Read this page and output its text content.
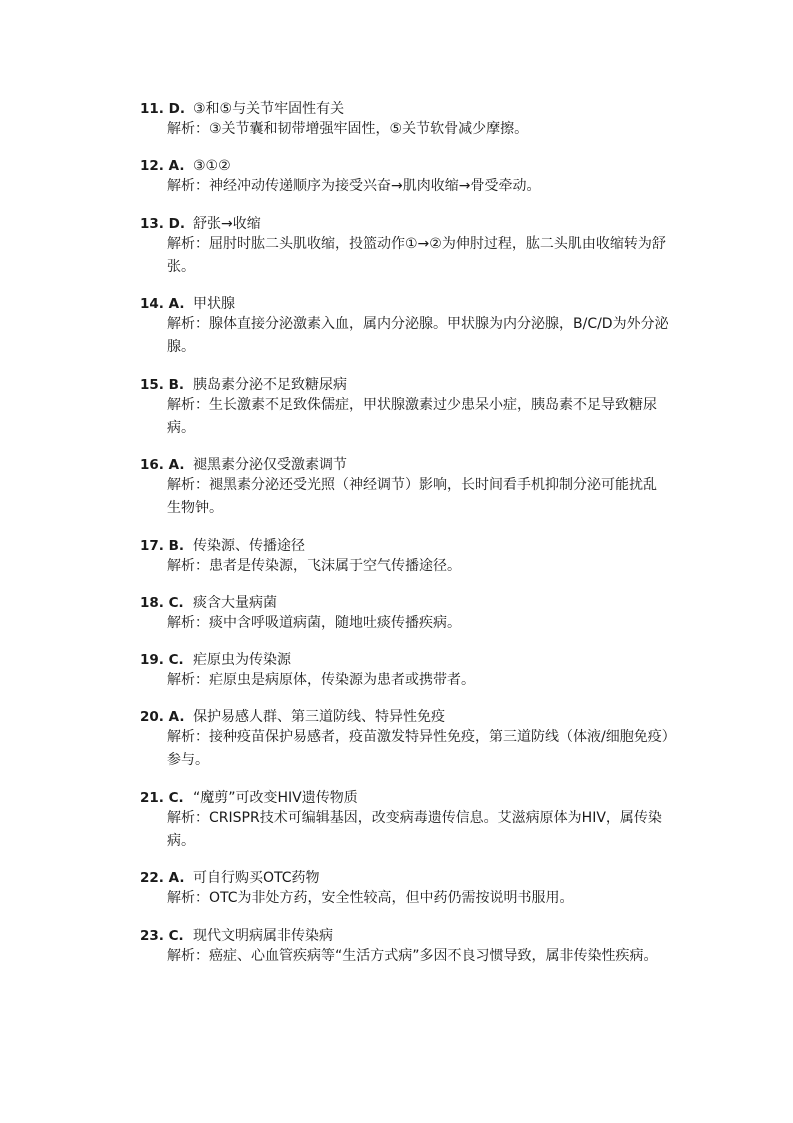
11. D. ③和⑤与关节牢固性有关
解析：③关节囊和韧带增强牢固性，⑤关节软骨减少摩擦。
12. A. ③①②
解析：神经冲动传递顺序为接受兴奋→肌肉收缩→骨受牵动。
13. D. 舒张→收缩
解析：屈肘时肱二头肌收缩，投篮动作①→②为伸肘过程，肱二头肌由收缩转为舒张。
14. A. 甲状腺
解析：腺体直接分泌激素入血，属内分泌腺。甲状腺为内分泌腺，B/C/D为外分泌腺。
15. B. 胰岛素分泌不足致糖尿病
解析：生长激素不足致侏儒症，甲状腺激素过少患呆小症，胰岛素不足导致糖尿病。
16. A. 褪黑素分泌仅受激素调节
解析：褪黑素分泌还受光照（神经调节）影响，长时间看手机抑制分泌可能扰乱生物钟。
17. B. 传染源、传播途径
解析：患者是传染源，飞沫属于空气传播途径。
18. C. 痰含大量病菌
解析：痰中含呼吸道病菌，随地吐痰传播疾病。
19. C. 疟原虫为传染源
解析：疟原虫是病原体，传染源为患者或携带者。
20. A. 保护易感人群、第三道防线、特异性免疫
解析：接种疫苗保护易感者，疫苗激发特异性免疫，第三道防线（体液/细胞免疫）参与。
21. C. “魔剪”可改变HIV遗传物质
解析：CRISPR技术可编辑基因，改变病毒遗传信息。艾滋病原体为HIV，属传染病。
22. A. 可自行购买OTC药物
解析：OTC为非处方药，安全性较高，但中药仍需按说明书服用。
23. C. 现代文明病属非传染病
解析：癌症、心血管疾病等“生活方式病”多因不良习惯导致，属非传染性疾病。
